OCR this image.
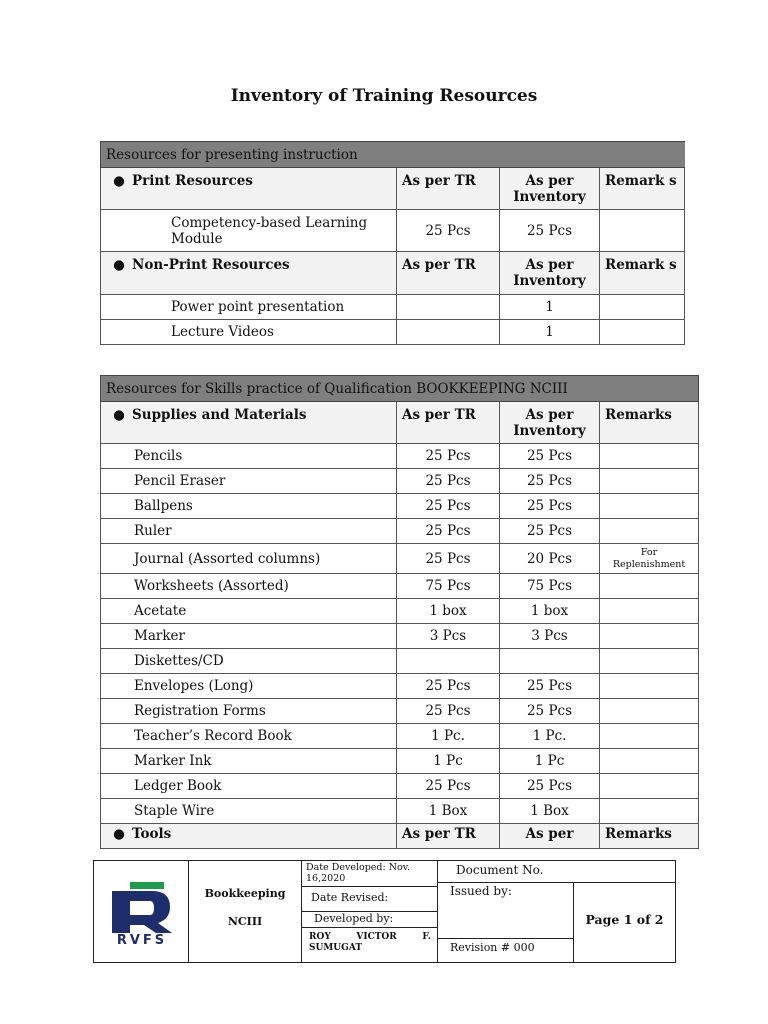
Inventory of Training Resources
Resources for presenting instruction			
● Print Resources	As per TR	As per Inventory	Remark s
Competency-based Learning Module	25 Pcs	25 Pcs	
● Non-Print Resources	As per TR	As per Inventory	Remark s
Power point presentation		1	
Lecture Videos		1	
Resources for Skills practice of Qualification BOOKKEEPING NCIII			
● Supplies and Materials	As per TR	As per Inventory	Remarks
Pencils	25 Pcs	25 Pcs	
Pencil Eraser	25 Pcs	25 Pcs	
Ballpens	25 Pcs	25 Pcs	
Ruler	25 Pcs	25 Pcs	
Journal (Assorted columns)	25 Pcs	20 Pcs	For Replenishment
Worksheets (Assorted)	75 Pcs	75 Pcs	
Acetate	1 box	1 box	
Marker	3 Pcs	3 Pcs	
Diskettes/CD			
Envelopes (Long)	25 Pcs	25 Pcs	
Registration Forms	25 Pcs	25 Pcs	
Teacher’s Record Book	1 Pc.	1 Pc.	
Marker Ink	1 Pc	1 Pc	
Ledger Book	25 Pcs	25 Pcs	
Staple Wire	1 Box	1 Box	
● Tools	As per TR	As per	Remarks
RVFS
Bookkeeping
NCIII
Date Developed: Nov. 16,2020
Date Revised:
Developed by:
ROY VICTOR F. SUMUGAT
Document No.
Issued by:
Page 1 of 2
Revision # 000
